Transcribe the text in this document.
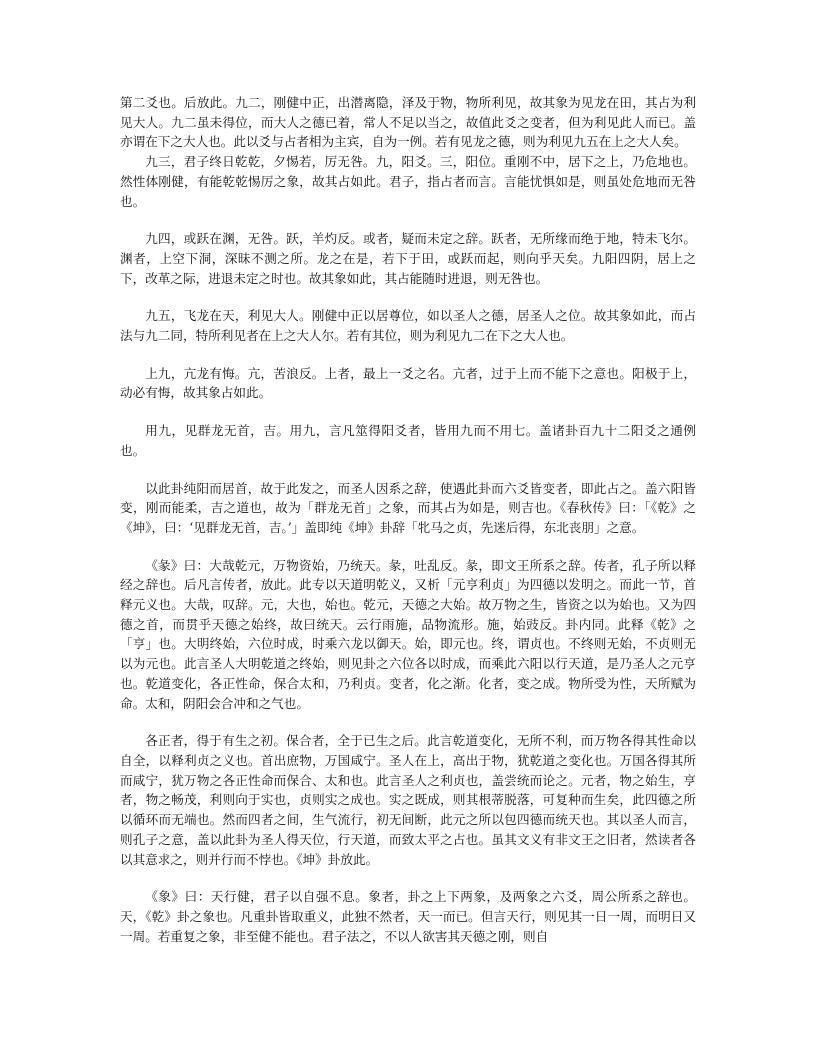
第二爻也。后放此。九二，刚健中正，出潜离隐，泽及于物，物所利见，故其象为见龙在田，其占为利见大人。九二虽未得位，而大人之德已着，常人不足以当之，故值此爻之变者，但为利见此人而已。盖亦谓在下之大人也。此以爻与占者相为主宾，自为一例。若有见龙之德，则为利见九五在上之大人矣。

九三，君子终日乾乾，夕惕若，厉无咎。九，阳爻。三，阳位。重刚不中，居下之上，乃危地也。然性体刚健，有能乾乾惕厉之象，故其占如此。君子，指占者而言。言能忧惧如是，则虽处危地而无咎也。

九四，或跃在渊，无咎。跃，羊灼反。或者，疑而未定之辞。跃者，无所缘而绝于地，特未飞尔。渊者，上空下洞，深昧不测之所。龙之在是，若下于田，或跃而起，则向乎天矣。九阳四阴，居上之下，改革之际，进退未定之时也。故其象如此，其占能随时进退，则无咎也。

九五，飞龙在天，利见大人。刚健中正以居尊位，如以圣人之德，居圣人之位。故其象如此，而占法与九二同，特所利见者在上之大人尔。若有其位，则为利见九二在下之大人也。

上九，亢龙有悔。亢，苦浪反。上者，最上一爻之名。亢者，过于上而不能下之意也。阳极于上，动必有悔，故其象占如此。

用九，见群龙无首，吉。用九，言凡筮得阳爻者，皆用九而不用七。盖诸卦百九十二阳爻之通例也。

以此卦纯阳而居首，故于此发之，而圣人因系之辞，使遇此卦而六爻皆变者，即此占之。盖六阳皆变，刚而能柔，吉之道也，故为「群龙无首」之象，而其占为如是，则吉也。《春秋传》曰：「《乾》之《坤》，曰：‘见群龙无首，吉。’」盖即纯《坤》卦辞「牝马之贞，先迷后得，东北丧朋」之意。

《彖》曰：大哉乾元，万物资始，乃统天。彖，吐乱反。彖，即文王所系之辞。传者，孔子所以释经之辞也。后凡言传者，放此。此专以天道明乾义，又析「元亨利贞」为四德以发明之。而此一节，首释元义也。大哉，叹辞。元，大也，始也。乾元，天德之大始。故万物之生，皆资之以为始也。又为四德之首，而贯乎天德之始终，故曰统天。云行雨施，品物流形。施，始豉反。卦内同。此释《乾》之「亨」也。大明终始，六位时成，时乘六龙以御天。始，即元也。终，谓贞也。不终则无始，不贞则无以为元也。此言圣人大明乾道之终始，则见卦之六位各以时成，而乘此六阳以行天道，是乃圣人之元亨也。乾道变化，各正性命，保合太和，乃利贞。变者，化之渐。化者，变之成。物所受为性，天所赋为命。太和，阴阳会合冲和之气也。

各正者，得于有生之初。保合者，全于已生之后。此言乾道变化，无所不利，而万物各得其性命以自全，以释利贞之义也。首出庶物，万国咸宁。圣人在上，高出于物，犹乾道之变化也。万国各得其所而咸宁，犹万物之各正性命而保合、太和也。此言圣人之利贞也，盖尝统而论之。元者，物之始生，亨者，物之畅茂，利则向于实也，贞则实之成也。实之既成，则其根蒂脱落，可复种而生矣，此四德之所以循环而无端也。然而四者之间，生气流行，初无间断，此元之所以包四德而统天也。其以圣人而言，则孔子之意，盖以此卦为圣人得天位，行天道，而致太平之占也。虽其文义有非文王之旧者，然读者各以其意求之，则并行而不悖也。《坤》卦放此。

《象》曰：天行健，君子以自强不息。象者，卦之上下两象，及两象之六爻，周公所系之辞也。天，《乾》卦之象也。凡重卦皆取重义，此独不然者，天一而已。但言天行，则见其一日一周，而明日又一周。若重复之象，非至健不能也。君子法之，不以人欲害其天德之刚，则自
